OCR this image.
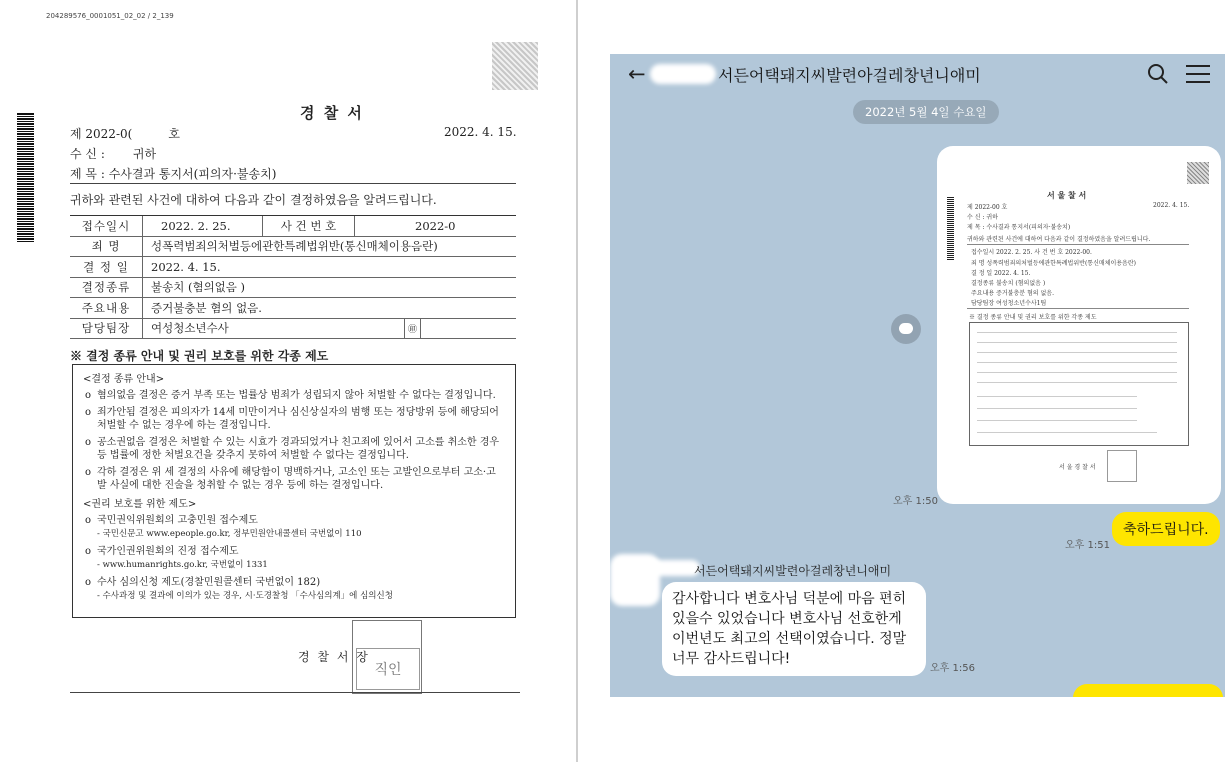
204289576_0001051_02_02 / 2_139
경 찰 서
제 2022-0(	호	2022. 4. 15.
수 신 : 귀하
제 목 : 수사결과 통지서(피의자·불송치)
귀하와 관련된 사건에 대하여 다음과 같이 결정하였음을 알려드립니다.
접수일시	2022. 2. 25.	사 건 번 호	2022-0
죄 명	성폭력범죄의처벌등에관한특례법위반(통신매체이용음란)
결 정 일	2022. 4. 15.
결정종류	불송치 (혐의없음 )
주요내용	증거불충분 혐의 없음.
담당팀장	여성청소년수사	㊞
※ 결정 종류 안내 및 권리 보호를 위한 각종 제도
<결정 종류 안내>
o 혐의없음 결정은 증거 부족 또는 법률상 범죄가 성립되지 않아 처벌할 수 없다는 결정입니다.
o 죄가안됨 결정은 피의자가 14세 미만이거나 심신상실자의 범행 또는 정당방위 등에 해당되어 처벌할 수 없는 경우에 하는 결정입니다.
o 공소권없음 결정은 처벌할 수 있는 시효가 경과되었거나 친고죄에 있어서 고소를 취소한 경우 등 법률에 정한 처벌요건을 갖추지 못하여 처벌할 수 없다는 결정입니다.
o 각하 결정은 위 세 결정의 사유에 해당함이 명백하거나, 고소인 또는 고발인으로부터 고소·고발 사실에 대한 진술을 청취할 수 없는 경우 등에 하는 결정입니다.
<권리 보호를 위한 제도>
o 국민권익위원회의 고충민원 접수제도
- 국민신문고 www.epeople.go.kr, 정부민원안내콜센터 국번없이 110
o 국가인권위원회의 진정 접수제도
- www.humanrights.go.kr, 국번없이 1331
o 수사 심의신청 제도(경찰민원콜센터 국번없이 182)
- 수사과정 및 결과에 이의가 있는 경우, 시·도경찰청 「수사심의계」에 심의신청
경 찰 서 장
직인
←	서든어택돼지씨발련아걸레창년니애미
2022년 5월 4일 수요일
서 울 찰 서
제 2022-00 호	2022. 4. 15.
수 신 : 귀하
제 목 : 수사결과 통지서(피의자·불송치)
귀하와 관련된 사건에 대하여 다음과 같이 결정하였음을 알려드립니다.
접수일시 2022. 2. 25. 사 건 번 호 2022-00.
죄 명 성폭력범죄의처벌등에관한특례법위반(통신매체이용음란)
결 정 일 2022. 4. 15.
결정종류 불송치 (혐의없음 )
주요내용 증거불충분 혐의 없음.
담당팀장 여성청소년수사1팀
※ 결정 종류 안내 및 권리 보호를 위한 각종 제도
서 울 경 찰 서
오후 1:50
축하드립니다.
오후 1:51
서든어택돼지씨발련아걸레창년니애미
감사합니다 변호사님 덕분에 마음 편히 있을수 있었습니다 변호사님 선호한게 이번년도 최고의 선택이였습니다. 정말 너무 감사드립니다!
오후 1:56
